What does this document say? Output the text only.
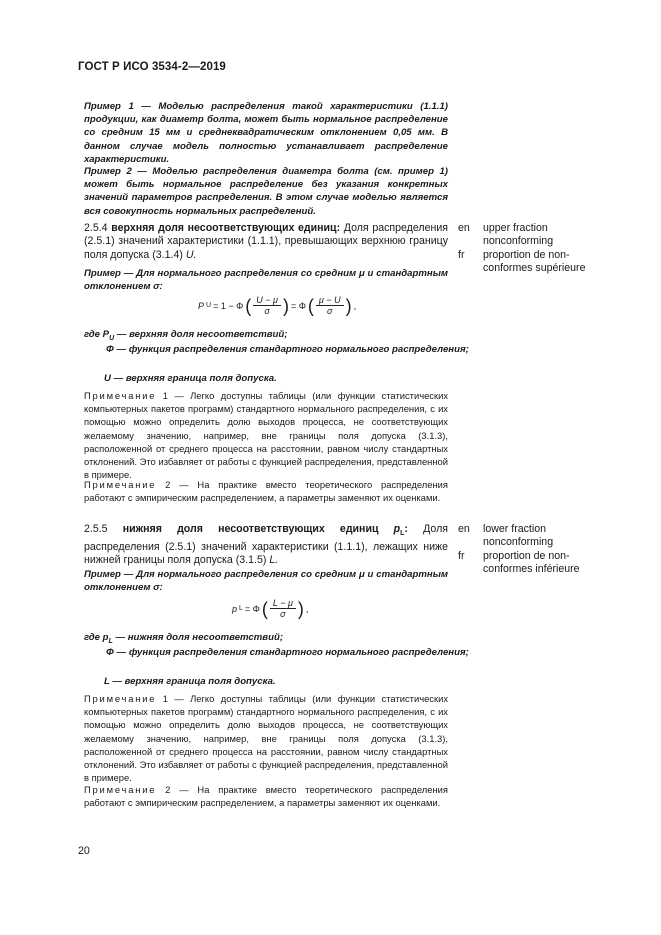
ГОСТ Р ИСО 3534-2—2019
Пример 1 — Моделью распределения такой характеристики (1.1.1) продукции, как диаметр болта, может быть нормальное распределение со средним 15 мм и среднеквадратическим отклонением 0,05 мм. В данном случае модель полностью устанавливает распределение характеристики.
Пример 2 — Моделью распределения диаметра болта (см. пример 1) может быть нормальное распределение без указания конкретных значений параметров распределения. В этом случае моделью является вся совокупность нормальных распределений.
2.5.4 верхняя доля несоответствующих единиц: Доля распределения (2.5.1) значений характеристики (1.1.1), превышающих верхнюю границу поля допуска (3.1.4) U.
en upper fraction
nonconforming
fr proportion de non-
conformes supérieure
Пример — Для нормального распределения со средним μ и стандартным отклонением σ:
P U = 1 − Φ ( $\frac{U - \mu}{\sigma}$ ) = Φ ( $\frac{\mu - U}{\sigma}$ ) ,
где $P_U$ — верхняя доля несоответствий;
Φ — функция распределения стандартного нормального распределения;
U — верхняя граница поля допуска.
Примечание 1 — Легко доступны таблицы (или функции статистических компьютерных пакетов программ) стандартного нормального распределения, с их помощью можно определить долю выходов процесса, не соответствующих желаемому значению, например, вне границы поля допуска (3.1.3), расположенной от среднего процесса на расстоянии, равном числу стандартных отклонений. Это избавляет от работы с функцией распределения, представленной в примере.
Примечание 2 — На практике вместо теоретического распределения работают с эмпирическим распределением, а параметры заменяют их оценками.
2.5.5 нижняя доля несоответствующих единиц $p_L$: Доля распределения (2.5.1) значений характеристики (1.1.1), лежащих ниже нижней границы поля допуска (3.1.5) L.
en lower fraction
nonconforming
fr proportion de non-
conformes inférieure
Пример — Для нормального распределения со средним μ и стандартным отклонением σ:
p L = Φ ( $\frac{L - \mu}{\sigma}$ ) ,
где $p_L$ — нижняя доля несоответствий;
Φ — функция распределения стандартного нормального распределения;
L — верхняя граница поля допуска.
Примечание 1 — Легко доступны таблицы (или функции статистических компьютерных пакетов программ) стандартного нормального распределения, с их помощью можно определить долю выходов процесса, не соответствующих желаемому значению, например, вне границы поля допуска (3.1.3), расположенной от среднего процесса на расстоянии, равном числу стандартных отклонений. Это избавляет от работы с функцией распределения, представленной в примере.
Примечание 2 — На практике вместо теоретического распределения работают с эмпирическим распределением, а параметры заменяют их оценками.
20
